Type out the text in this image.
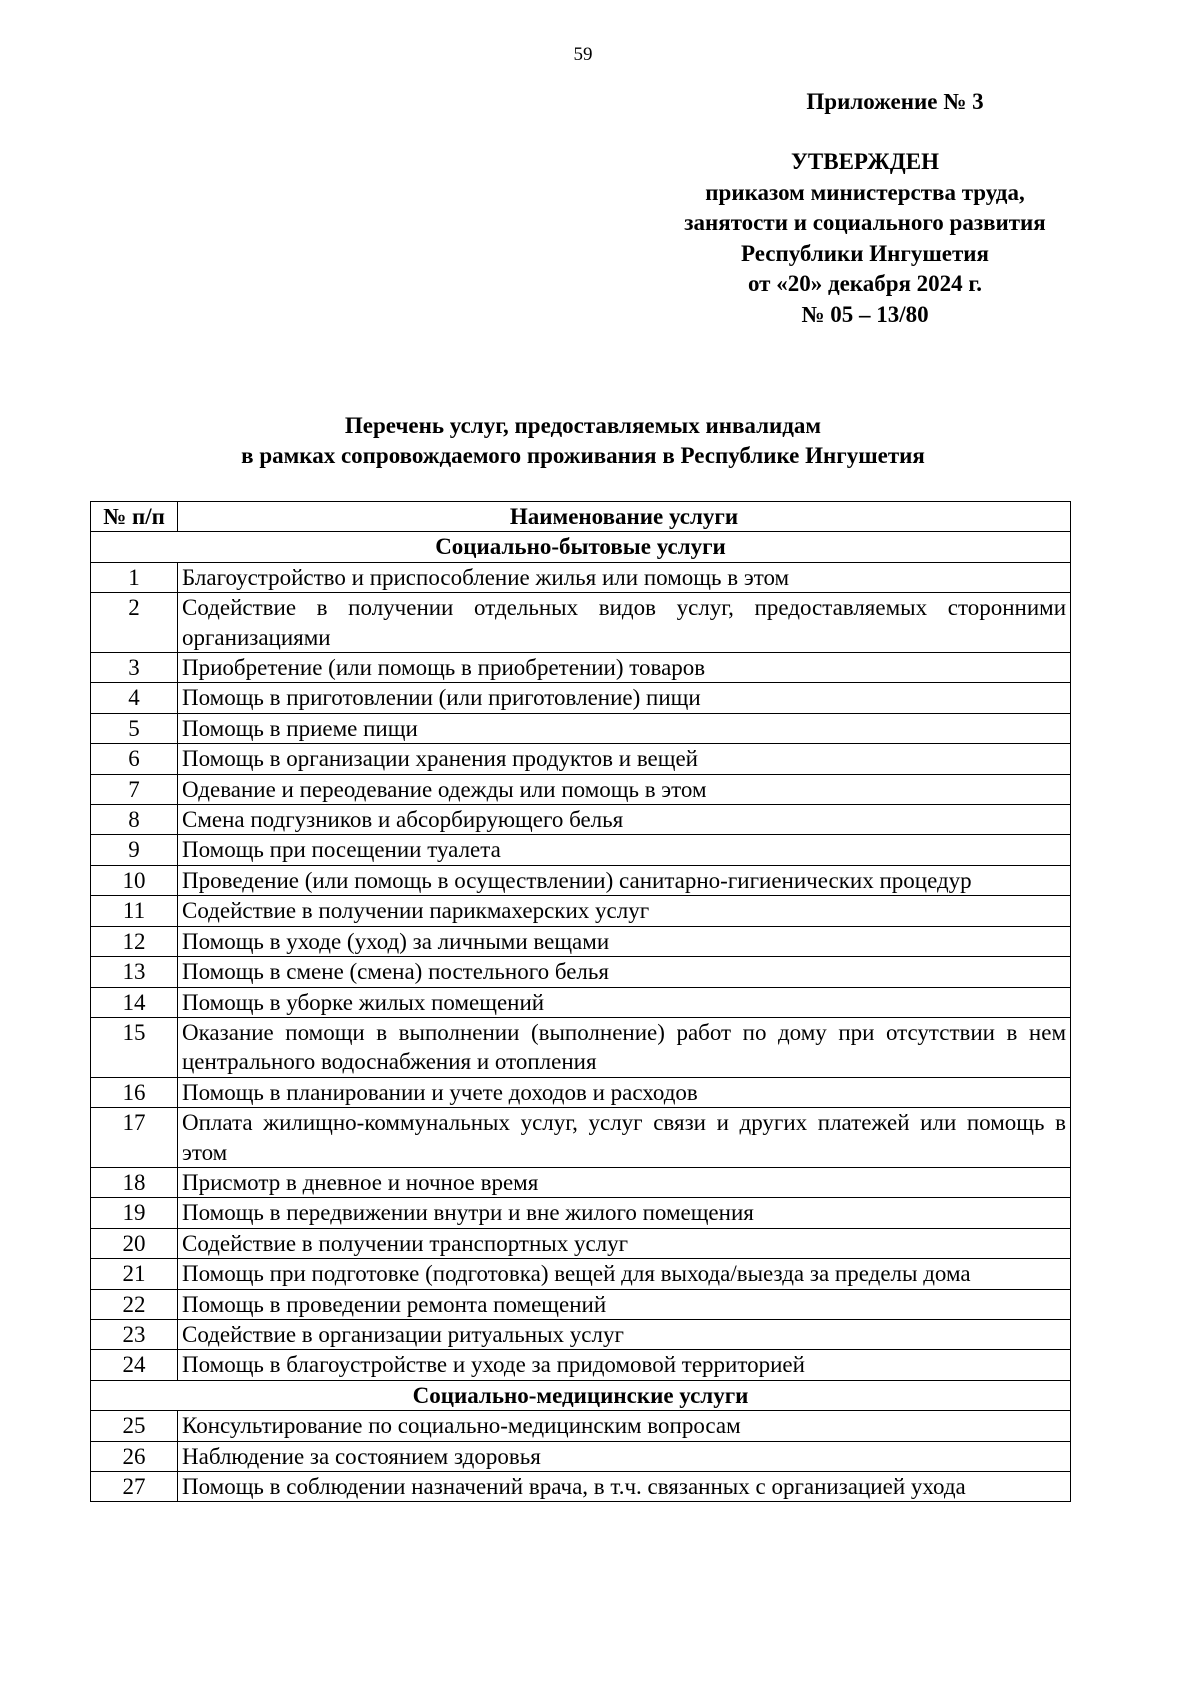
59
Приложение № 3
УТВЕРЖДЕН
приказом министерства труда,
занятости и социального развития
Республики Ингушетия
от «20» декабря 2024 г.
№ 05 – 13/80
Перечень услуг, предоставляемых инвалидам
в рамках сопровождаемого проживания в Республике Ингушетия
№ п/п	Наименование услуги
Социально-бытовые услуги	
1	Благоустройство и приспособление жилья или помощь в этом
2	Содействие в получении отдельных видов услуг, предоставляемых сторонними организациями
3	Приобретение (или помощь в приобретении) товаров
4	Помощь в приготовлении (или приготовление) пищи
5	Помощь в приеме пищи
6	Помощь в организации хранения продуктов и вещей
7	Одевание и переодевание одежды или помощь в этом
8	Смена подгузников и абсорбирующего белья
9	Помощь при посещении туалета
10	Проведение (или помощь в осуществлении) санитарно-гигиенических процедур
11	Содействие в получении парикмахерских услуг
12	Помощь в уходе (уход) за личными вещами
13	Помощь в смене (смена) постельного белья
14	Помощь в уборке жилых помещений
15	Оказание помощи в выполнении (выполнение) работ по дому при отсутствии в нем центрального водоснабжения и отопления
16	Помощь в планировании и учете доходов и расходов
17	Оплата жилищно-коммунальных услуг, услуг связи и других платежей или помощь в этом
18	Присмотр в дневное и ночное время
19	Помощь в передвижении внутри и вне жилого помещения
20	Содействие в получении транспортных услуг
21	Помощь при подготовке (подготовка) вещей для выхода/выезда за пределы дома
22	Помощь в проведении ремонта помещений
23	Содействие в организации ритуальных услуг
24	Помощь в благоустройстве и уходе за придомовой территорией
Социально-медицинские услуги	
25	Консультирование по социально-медицинским вопросам
26	Наблюдение за состоянием здоровья
27	Помощь в соблюдении назначений врача, в т.ч. связанных с организацией ухода
